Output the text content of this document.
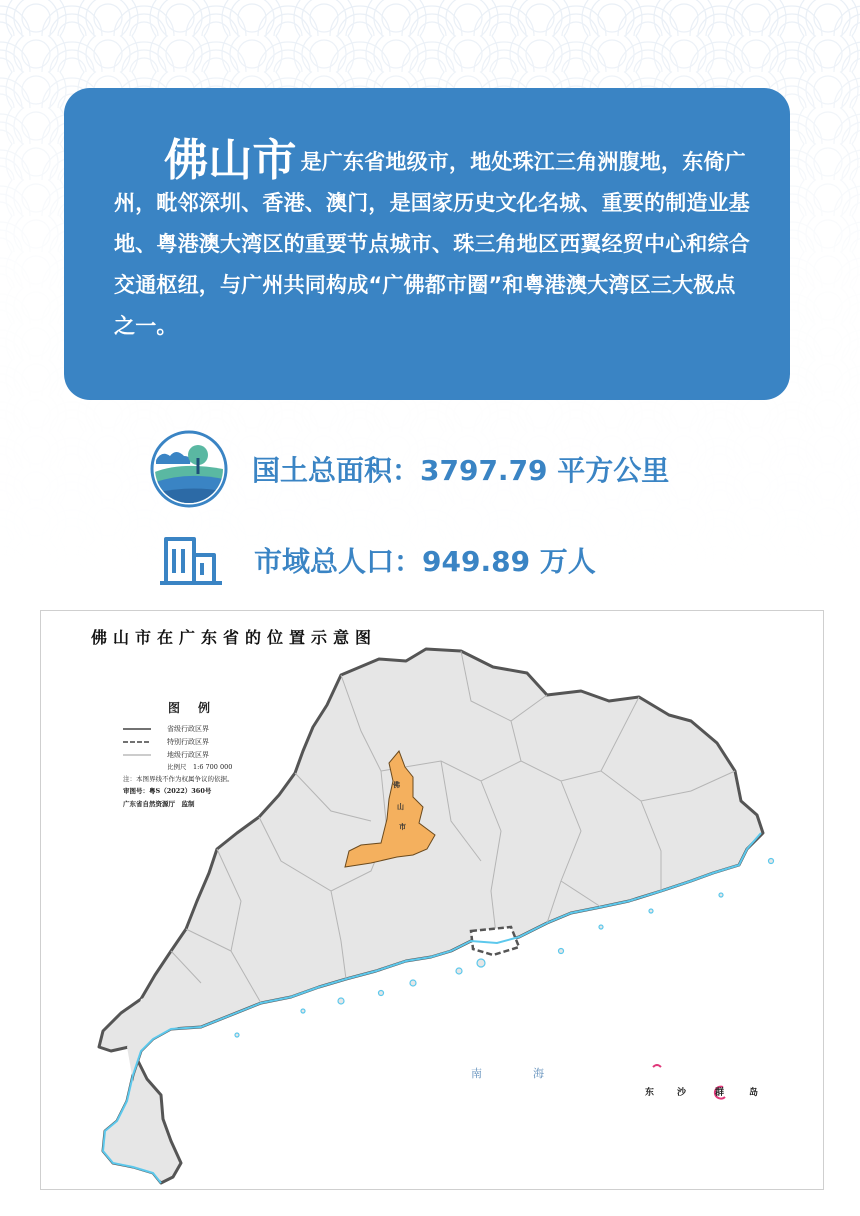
佛山市 是广东省地级市，地处珠江三角洲腹地，东倚广州，毗邻深圳、香港、澳门，是国家历史文化名城、重要的制造业基地、粤港澳大湾区的重要节点城市、珠三角地区西翼经贸中心和综合交通枢纽，与广州共同构成“广佛都市圈”和粤港澳大湾区三大极点之一。

国土总面积：3797.79 平方公里
市域总人口：949.89 万人
佛
山
市
南	海
东	沙	群	岛
佛山市在广东省的位置示意图
图例
省级行政区界
特别行政区界
地级行政区界
比例尺　1:6 700 000
注：本图界线不作为权属争议的依据。
审图号：粤S（2022）360号
广东省自然资源厅　监制
